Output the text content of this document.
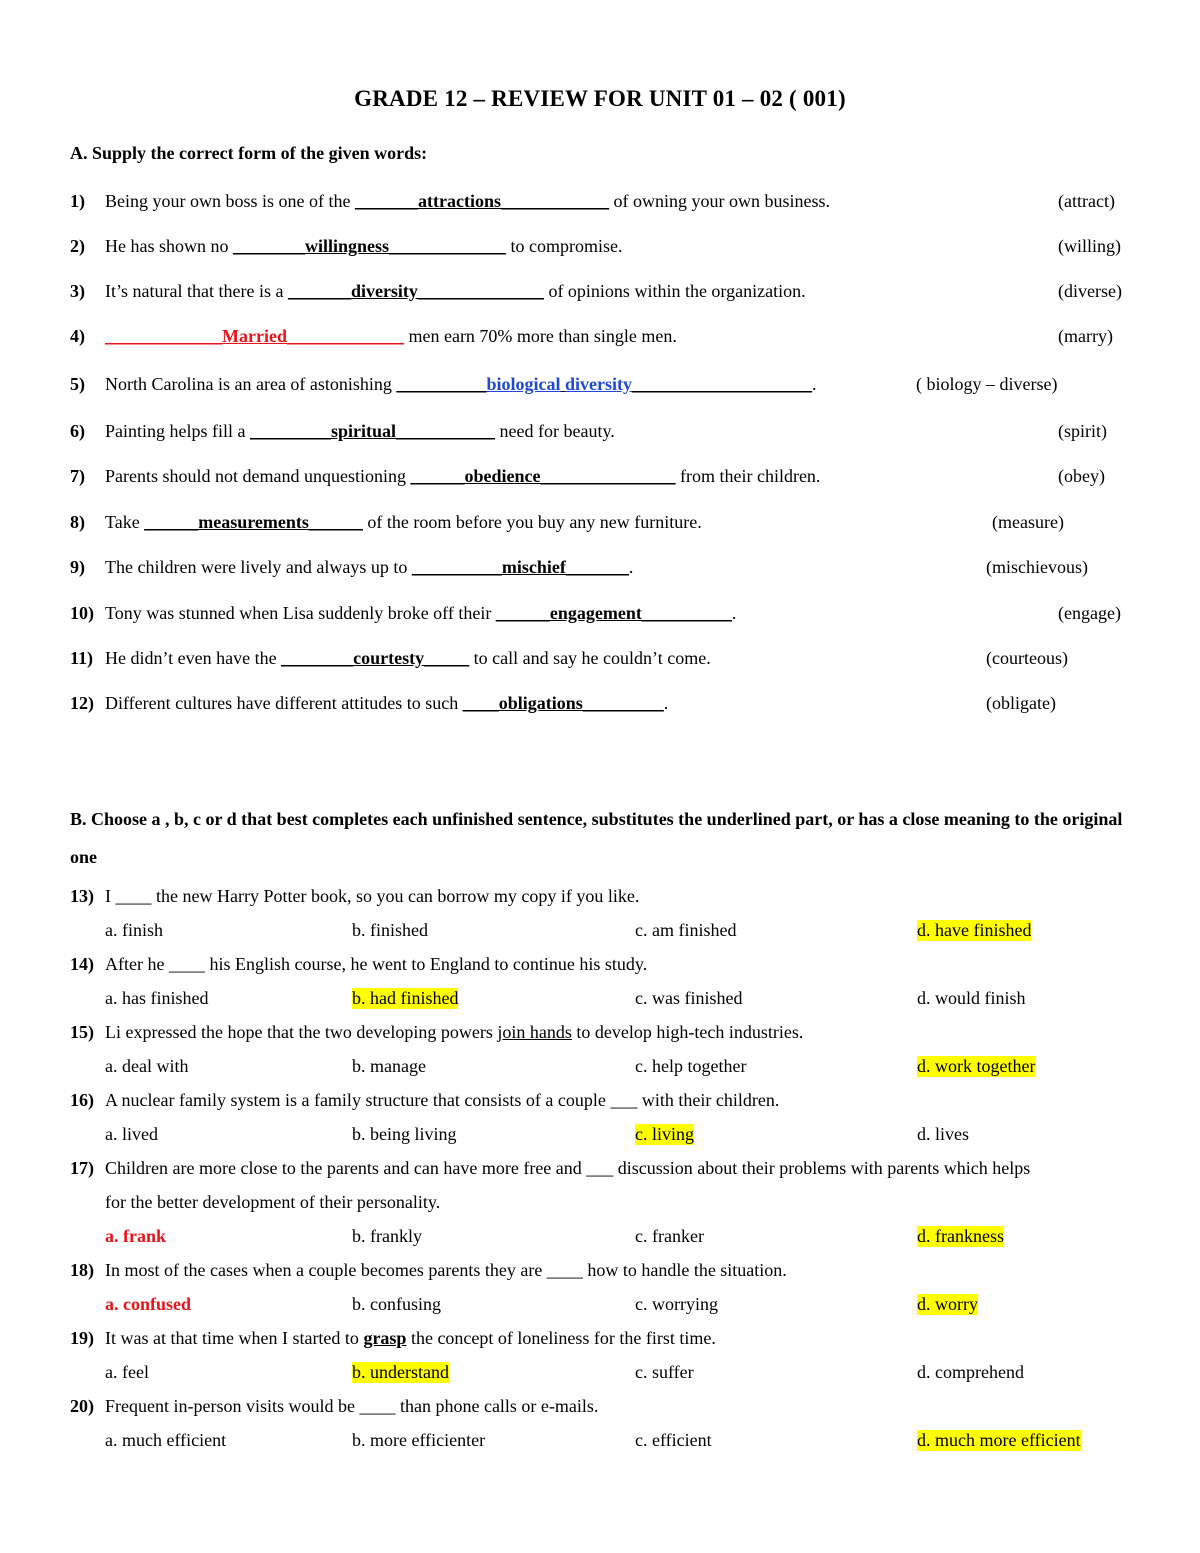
GRADE 12 – REVIEW FOR UNIT 01 – 02 ( 001)
A. Supply the correct form of the given words:
1) Being your own boss is one of the _______attractions____________ of owning your own business.	(attract)
2) He has shown no ________willingness_____________ to compromise.	(willing)
3) It’s natural that there is a _______diversity______________ of opinions within the organization.	(diverse)
4) _____________Married_____________ men earn 70% more than single men.	(marry)
5) North Carolina is an area of astonishing __________biological diversity____________________.	( biology – diverse)
6) Painting helps fill a _________spiritual___________ need for beauty.	(spirit)
7) Parents should not demand unquestioning ______obedience_______________ from their children.	(obey)
8) Take ______measurements______ of the room before you buy any new furniture.	(measure)
9) The children were lively and always up to __________mischief_______.	(mischievous)
10) Tony was stunned when Lisa suddenly broke off their ______engagement__________.	(engage)
11) He didn’t even have the ________courtesty_____ to call and say he couldn’t come.	(courteous)
12) Different cultures have different attitudes to such ____obligations_________.	(obligate)
B. Choose a , b, c or d that best completes each unfinished sentence, substitutes the underlined part, or has a close meaning to the original one
13) I ____ the new Harry Potter book, so you can borrow my copy if you like.
a. finish	b. finished	c. am finished	d. have finished
14) After he ____ his English course, he went to England to continue his study.
a. has finished	b. had finished	c. was finished	d. would finish
15) Li expressed the hope that the two developing powers join hands to develop high-tech industries.
a. deal with	b. manage	c. help together	d. work together
16) A nuclear family system is a family structure that consists of a couple ___ with their children.
a. lived	b. being living	c. living	d. lives
17) Children are more close to the parents and can have more free and ___ discussion about their problems with parents which helps
for the better development of their personality.
a. frank	b. frankly	c. franker	d. frankness
18) In most of the cases when a couple becomes parents they are ____ how to handle the situation.
a. confused	b. confusing	c. worrying	d. worry
19) It was at that time when I started to grasp the concept of loneliness for the first time.
a. feel	b. understand	c. suffer	d. comprehend
20) Frequent in-person visits would be ____ than phone calls or e-mails.
a. much efficient	b. more efficienter	c. efficient	d. much more efficient
